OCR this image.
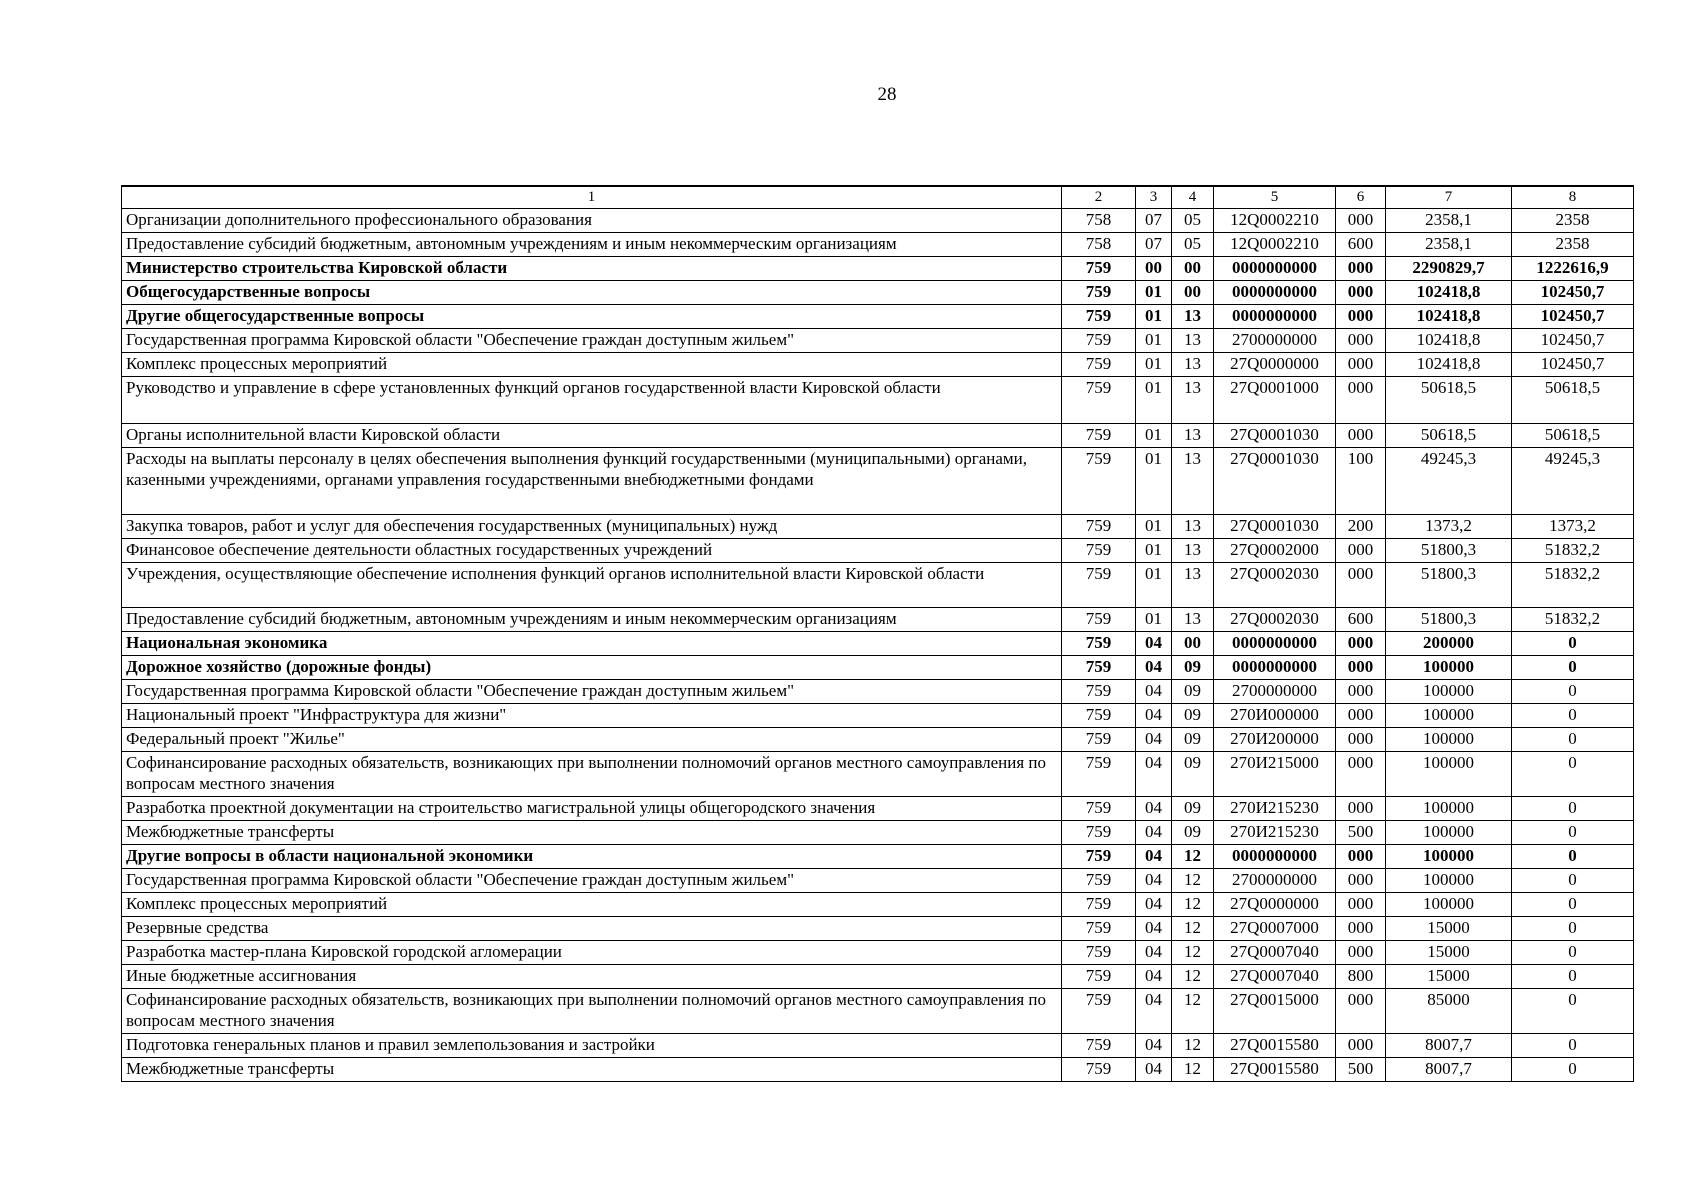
28
1	2	3	4	5	6	7	8
Организации дополнительного профессионального образования	758	07	05	12Q0002210	000	2358,1	2358
Предоставление субсидий бюджетным, автономным учреждениям и иным некоммерческим организациям	758	07	05	12Q0002210	600	2358,1	2358
Министерство строительства Кировской области	759	00	00	0000000000	000	2290829,7	1222616,9
Общегосударственные вопросы	759	01	00	0000000000	000	102418,8	102450,7
Другие общегосударственные вопросы	759	01	13	0000000000	000	102418,8	102450,7
Государственная программа Кировской области "Обеспечение граждан доступным жильем"	759	01	13	2700000000	000	102418,8	102450,7
Комплекс процессных мероприятий	759	01	13	27Q0000000	000	102418,8	102450,7
Руководство и управление в сфере установленных функций органов государственной власти Кировской области	759	01	13	27Q0001000	000	50618,5	50618,5
Органы исполнительной власти Кировской области	759	01	13	27Q0001030	000	50618,5	50618,5
Расходы на выплаты персоналу в целях обеспечения выполнения функций государственными (муниципальными) органами, казенными учреждениями, органами управления государственными внебюджетными фондами	759	01	13	27Q0001030	100	49245,3	49245,3
Закупка товаров, работ и услуг для обеспечения государственных (муниципальных) нужд	759	01	13	27Q0001030	200	1373,2	1373,2
Финансовое обеспечение деятельности областных государственных учреждений	759	01	13	27Q0002000	000	51800,3	51832,2
Учреждения, осуществляющие обеспечение исполнения функций органов исполнительной власти Кировской области	759	01	13	27Q0002030	000	51800,3	51832,2
Предоставление субсидий бюджетным, автономным учреждениям и иным некоммерческим организациям	759	01	13	27Q0002030	600	51800,3	51832,2
Национальная экономика	759	04	00	0000000000	000	200000	0
Дорожное хозяйство (дорожные фонды)	759	04	09	0000000000	000	100000	0
Государственная программа Кировской области "Обеспечение граждан доступным жильем"	759	04	09	2700000000	000	100000	0
Национальный проект "Инфраструктура для жизни"	759	04	09	270И000000	000	100000	0
Федеральный проект "Жилье"	759	04	09	270И200000	000	100000	0
Софинансирование расходных обязательств, возникающих при выполнении полномочий органов местного самоуправления по вопросам местного значения	759	04	09	270И215000	000	100000	0
Разработка проектной документации на строительство магистральной улицы общегородского значения	759	04	09	270И215230	000	100000	0
Межбюджетные трансферты	759	04	09	270И215230	500	100000	0
Другие вопросы в области национальной экономики	759	04	12	0000000000	000	100000	0
Государственная программа Кировской области "Обеспечение граждан доступным жильем"	759	04	12	2700000000	000	100000	0
Комплекс процессных мероприятий	759	04	12	27Q0000000	000	100000	0
Резервные средства	759	04	12	27Q0007000	000	15000	0
Разработка мастер-плана Кировской городской агломерации	759	04	12	27Q0007040	000	15000	0
Иные бюджетные ассигнования	759	04	12	27Q0007040	800	15000	0
Софинансирование расходных обязательств, возникающих при выполнении полномочий органов местного самоуправления по вопросам местного значения	759	04	12	27Q0015000	000	85000	0
Подготовка генеральных планов и правил землепользования и застройки	759	04	12	27Q0015580	000	8007,7	0
Межбюджетные трансферты	759	04	12	27Q0015580	500	8007,7	0
